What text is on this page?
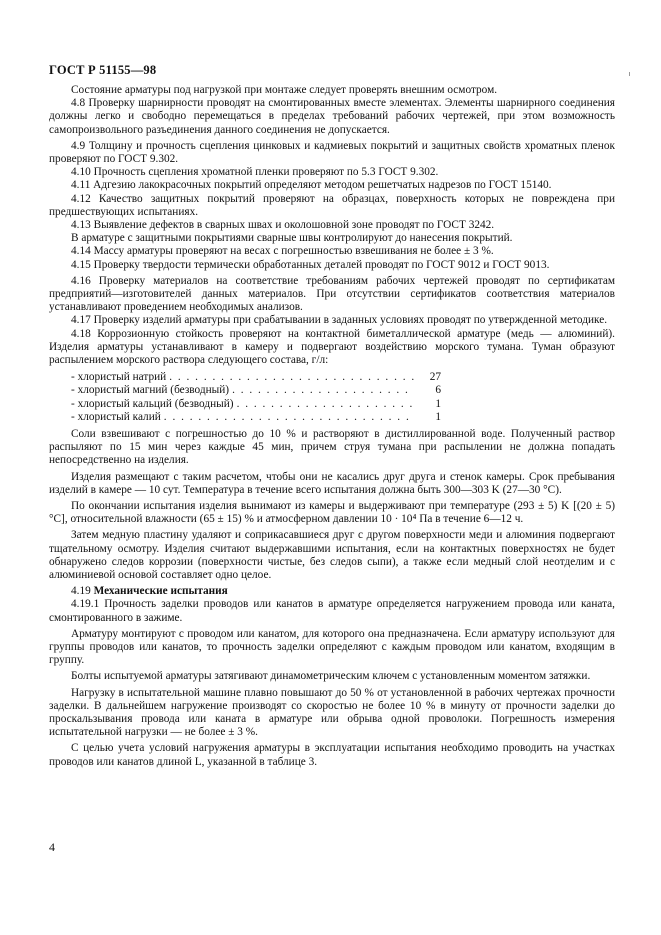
ГОСТ Р 51155—98

Состояние арматуры под нагрузкой при монтаже следует проверять внешним осмотром.

4.8 Проверку шарнирности проводят на смонтированных вместе элементах. Элементы шарнирного соединения должны легко и свободно перемещаться в пределах требований рабочих чертежей, при этом возможность самопроизвольного разъединения данного соединения не допускается.

4.9 Толщину и прочность сцепления цинковых и кадмиевых покрытий и защитных свойств хроматных пленок проверяют по ГОСТ 9.302.

4.10 Прочность сцепления хроматной пленки проверяют по 5.3 ГОСТ 9.302.

4.11 Адгезию лакокрасочных покрытий определяют методом решетчатых надрезов по ГОСТ 15140.

4.12 Качество защитных покрытий проверяют на образцах, поверхность которых не повреждена при предшествующих испытаниях.

4.13 Выявление дефектов в сварных швах и околошовной зоне проводят по ГОСТ 3242.

В арматуре с защитными покрытиями сварные швы контролируют до нанесения покрытий.

4.14 Массу арматуры проверяют на весах с погрешностью взвешивания не более ± 3 %.

4.15 Проверку твердости термически обработанных деталей проводят по ГОСТ 9012 и ГОСТ 9013.

4.16 Проверку материалов на соответствие требованиям рабочих чертежей проводят по сертификатам предприятий—изготовителей данных материалов. При отсутствии сертификатов соответствия материалов устанавливают проведением необходимых анализов.

4.17 Проверку изделий арматуры при срабатывании в заданных условиях проводят по утвержденной методике.

4.18 Коррозионную стойкость проверяют на контактной биметаллической арматуре (медь — алюминий). Изделия арматуры устанавливают в камеру и подвергают воздействию морского тумана. Туман образуют распылением морского раствора следующего состава, г/л:

- хлористый натрий . . .	27
- хлористый магний (безводный) . . .	6
- хлористый кальций (безводный) . . .	1
- хлористый калий . . .	1

Соли взвешивают с погрешностью до 10 % и растворяют в дистиллированной воде. Полученный раствор распыляют по 15 мин через каждые 45 мин, причем струя тумана при распылении не должна попадать непосредственно на изделия.

Изделия размещают с таким расчетом, чтобы они не касались друг друга и стенок камеры. Срок пребывания изделий в камере — 10 сут. Температура в течение всего испытания должна быть 300—303 K (27—30 °C).

По окончании испытания изделия вынимают из камеры и выдерживают при температуре (293 ± 5) K [(20 ± 5) °C], относительной влажности (65 ± 15) % и атмосферном давлении 10 · 10⁴ Па в течение 6—12 ч.

Затем медную пластину удаляют и соприкасавшиеся друг с другом поверхности меди и алюминия подвергают тщательному осмотру. Изделия считают выдержавшими испытания, если на контактных поверхностях не будет обнаружено следов коррозии (поверхности чистые, без следов сыпи), а также если медный слой неотделим и с алюминиевой основой составляет одно целое.

4.19 Механические испытания

4.19.1 Прочность заделки проводов или канатов в арматуре определяется нагружением провода или каната, смонтированного в зажиме.

Арматуру монтируют с проводом или канатом, для которого она предназначена. Если арматуру используют для группы проводов или канатов, то прочность заделки определяют с каждым проводом или канатом, входящим в группу.

Болты испытуемой арматуры затягивают динамометрическим ключем с установленным моментом затяжки.

Нагрузку в испытательной машине плавно повышают до 50 % от установленной в рабочих чертежах прочности заделки. В дальнейшем нагружение производят со скоростью не более 10 % в минуту от прочности заделки до проскальзывания провода или каната в арматуре или обрыва одной проволоки. Погрешность измерения испытательной нагрузки — не более ± 3 %.

С целью учета условий нагружения арматуры в эксплуатации испытания необходимо проводить на участках проводов или канатов длиной L, указанной в таблице 3.

4
